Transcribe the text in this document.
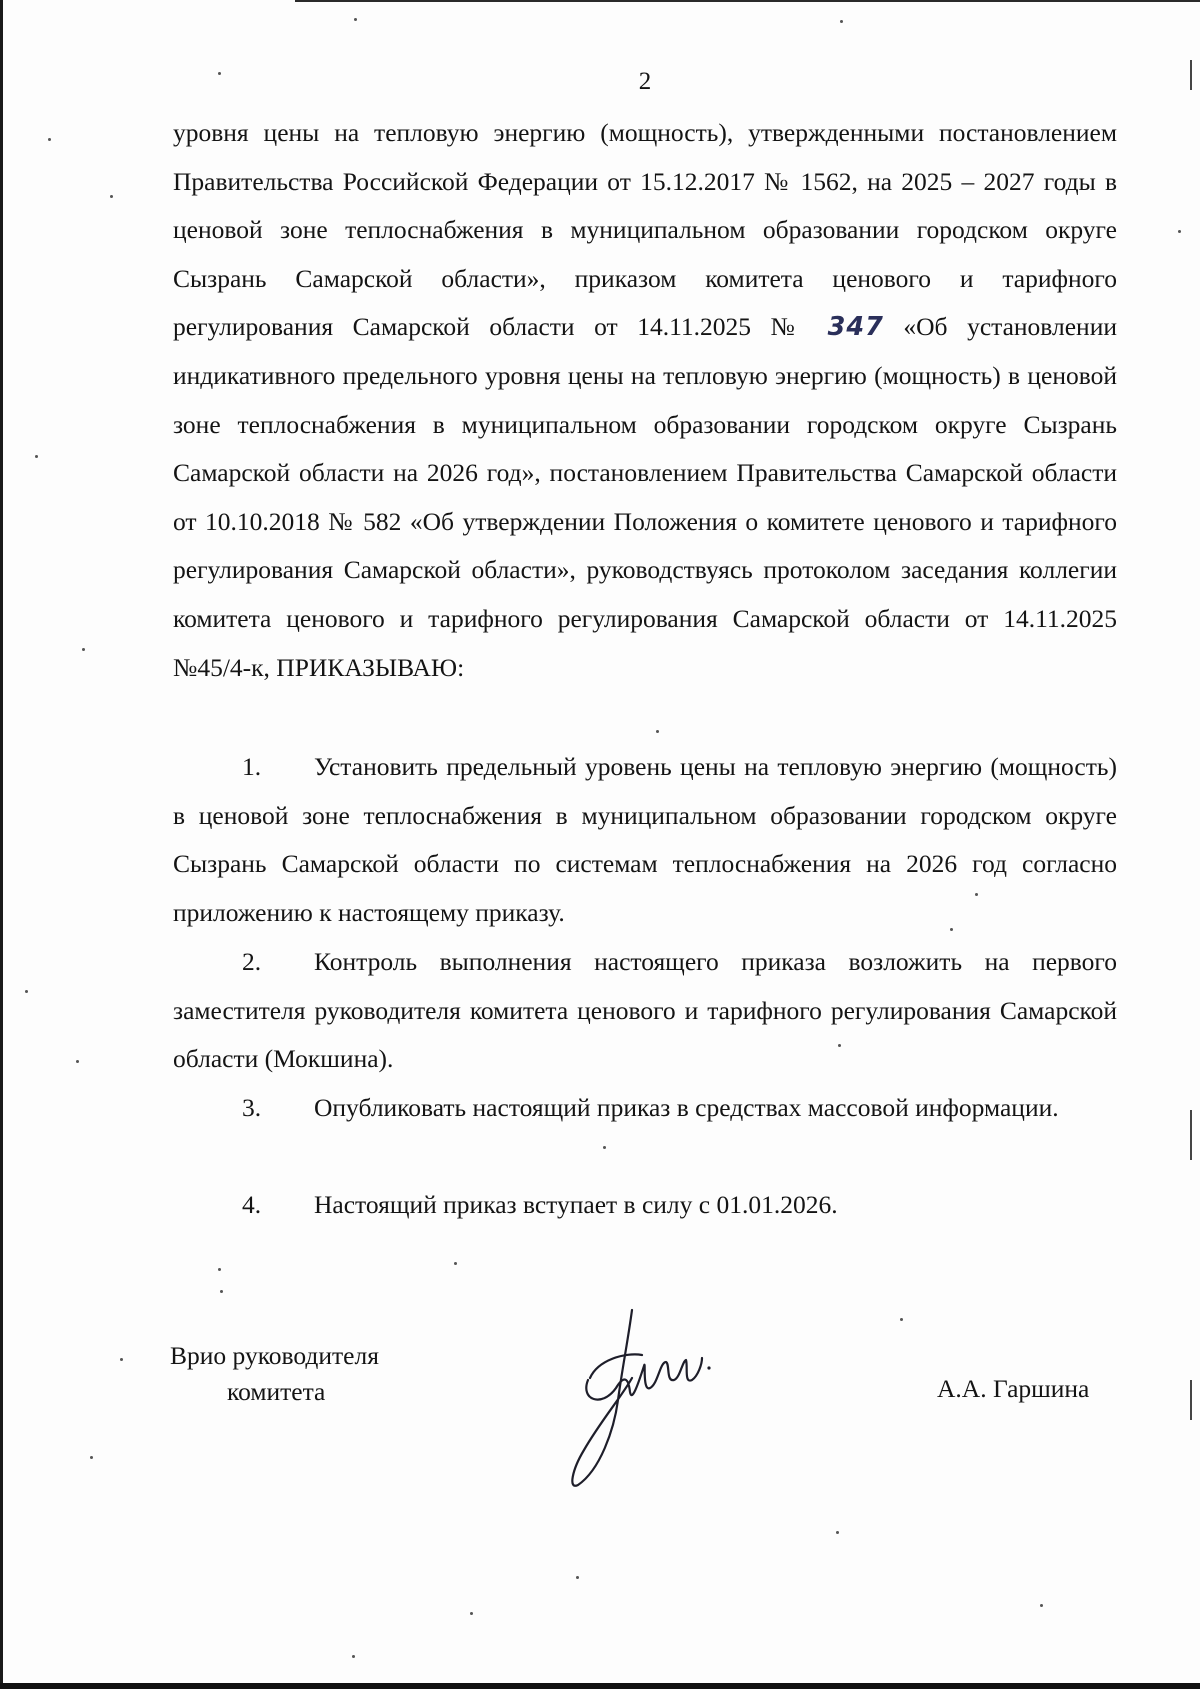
2

уровня цены на тепловую энергию (мощность), утвержденными постановлением Правительства Российской Федерации от 15.12.2017 № 1562, на 2025 – 2027 годы в ценовой зоне теплоснабжения в муниципальном образовании городском округе Сызрань Самарской области», приказом комитета ценового и тарифного регулирования Самарской области от 14.11.2025 № 347 «Об установлении индикативного предельного уровня цены на тепловую энергию (мощность) в ценовой зоне теплоснабжения в муниципальном образовании городском округе Сызрань Самарской области на 2026 год», постановлением Правительства Самарской области от 10.10.2018 № 582 «Об утверждении Положения о комитете ценового и тарифного регулирования Самарской области», руководствуясь протоколом заседания коллегии комитета ценового и тарифного регулирования Самарской области от 14.11.2025 №45/4-к, ПРИКАЗЫВАЮ:

1. Установить предельный уровень цены на тепловую энергию (мощность) в ценовой зоне теплоснабжения в муниципальном образовании городском округе Сызрань Самарской области по системам теплоснабжения на 2026 год согласно приложению к настоящему приказу.

2. Контроль выполнения настоящего приказа возложить на первого заместителя руководителя комитета ценового и тарифного регулирования Самарской области (Мокшина).

3. Опубликовать настоящий приказ в средствах массовой информации.

4. Настоящий приказ вступает в силу с 01.01.2026.

Врио руководителя
комитета	А.А. Гаршина
